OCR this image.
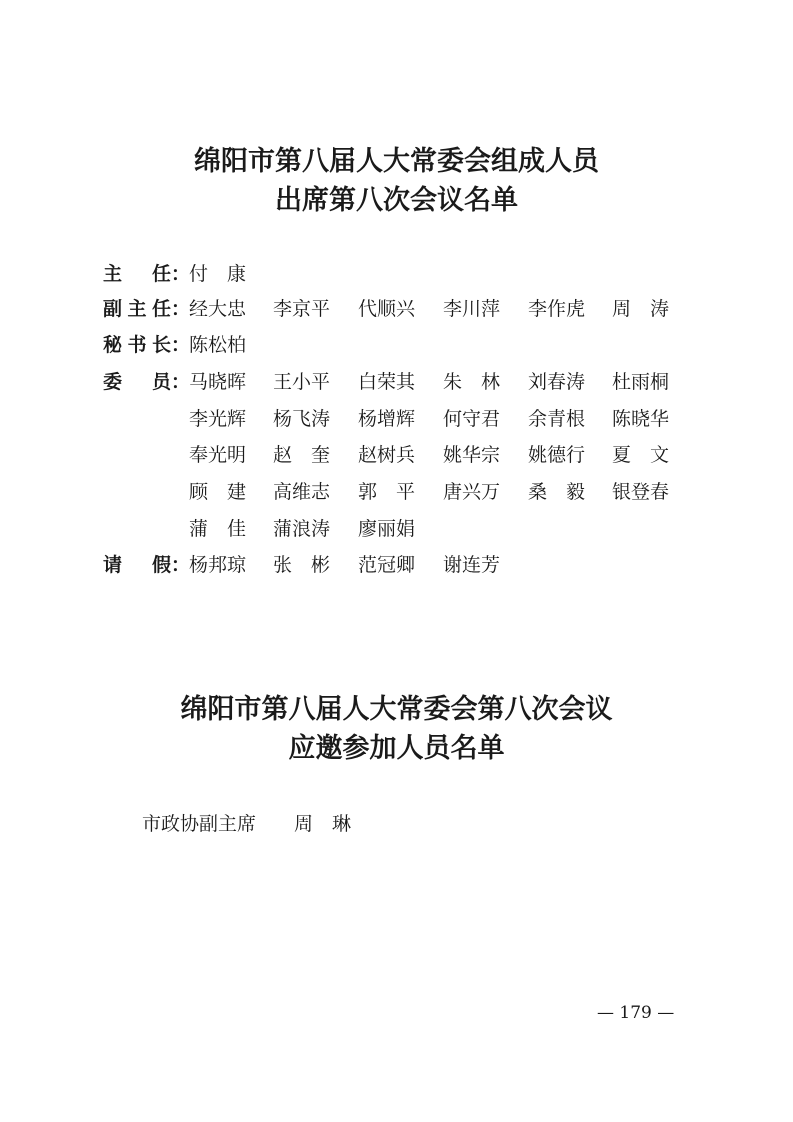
绵阳市第八届人大常委会组成人员
出席第八次会议名单
主 任 ：
副 主 任 ：
秘 书 长 ：
委 员 ：
请 假 ：
付康
经大忠 李京平 代顺兴 李川萍 李作虎 周涛
陈松柏
马晓晖 王小平 白荣其 朱林 刘春涛 杜雨桐
李光辉 杨飞涛 杨增辉 何守君 余青根 陈晓华
奉光明 赵奎 赵树兵 姚华宗 姚德行 夏文
顾建 高维志 郭平 唐兴万 桑毅 银登春
蒲佳 蒲浪涛 廖丽娟
杨邦琼 张彬 范冠卿 谢连芳
绵阳市第八届人大常委会第八次会议
应邀参加人员名单
市政协副主席 周琳
— 179 —
